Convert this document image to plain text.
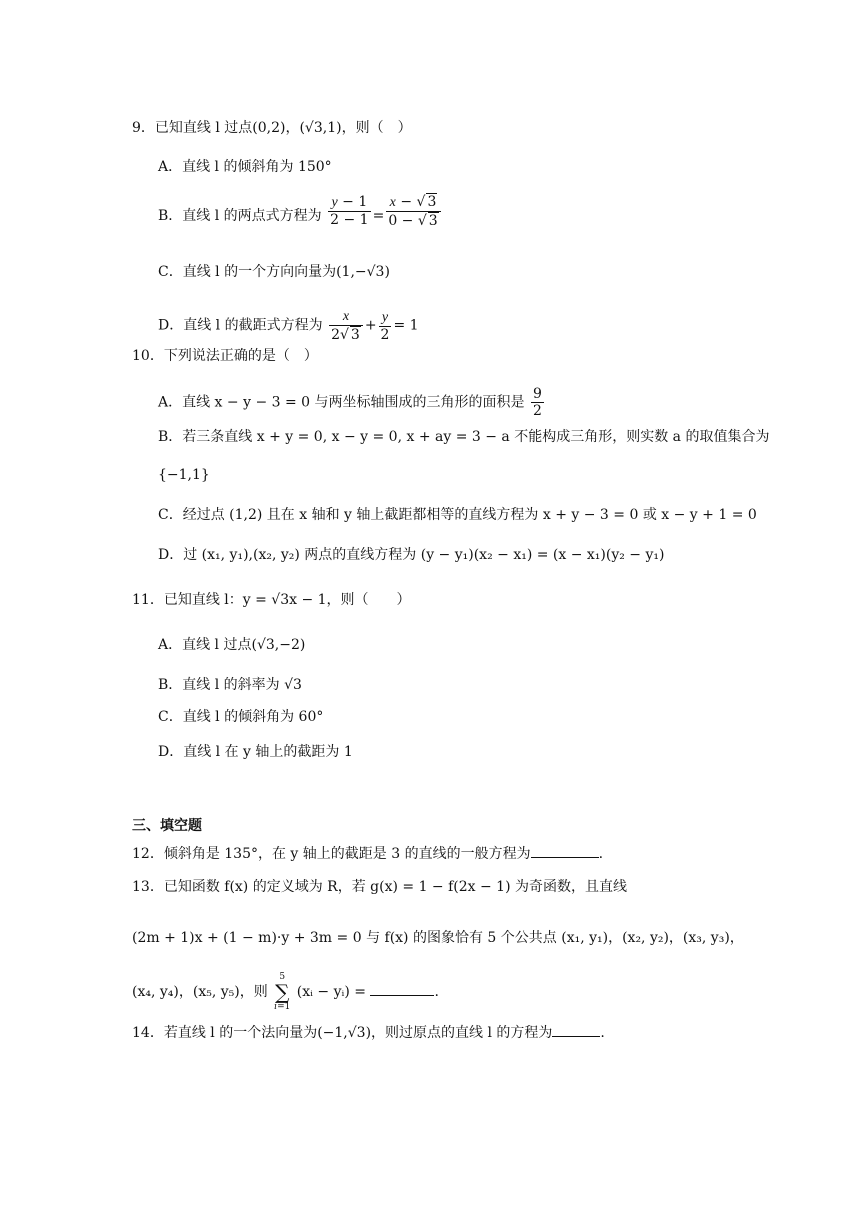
9．已知直线 l 过点(0,2)，(√3,1)，则（　）
A．直线 l 的倾斜角为 150°
B．直线 l 的两点式方程为 $\frac{y - 1}{2 - 1} = \frac{x - √ 3}{0 - √ 3}$
C．直线 l 的一个方向向量为(1,−√3)
D．直线 l 的截距式方程为 $\frac{x}{2√ 3} + \frac{y}{2} = 1$
10．下列说法正确的是（　）
A．直线 x − y − 3 = 0 与两坐标轴围成的三角形的面积是 $\frac{9}{2}$
B．若三条直线 x + y = 0, x − y = 0, x + ay = 3 − a 不能构成三角形，则实数 a 的取值集合为
{−1,1}
C．经过点 (1,2) 且在 x 轴和 y 轴上截距都相等的直线方程为 x + y − 3 = 0 或 x − y + 1 = 0
D．过 (x₁, y₁),(x₂, y₂) 两点的直线方程为 (y − y₁)(x₂ − x₁) = (x − x₁)(y₂ − y₁)
11．已知直线 l：y = √3x − 1，则（　　）
A．直线 l 过点(√3,−2)
B．直线 l 的斜率为 √3
C．直线 l 的倾斜角为 60°
D．直线 l 在 y 轴上的截距为 1
三、填空题
12．倾斜角是 135°，在 y 轴上的截距是 3 的直线的一般方程为	.
13．已知函数 f(x) 的定义域为 R，若 g(x) = 1 − f(2x − 1) 为奇函数，且直线
(2m + 1)x + (1 − m)·y + 3m = 0 与 f(x) 的图象恰有 5 个公共点 (x₁, y₁)，(x₂, y₂)，(x₃, y₃)，
(x₄, y₄)，(x₅, y₅)，则
5
∑
i=1
(xᵢ − yᵢ) =	.
14．若直线 l 的一个法向量为(−1,√3)，则过原点的直线 l 的方程为	.
